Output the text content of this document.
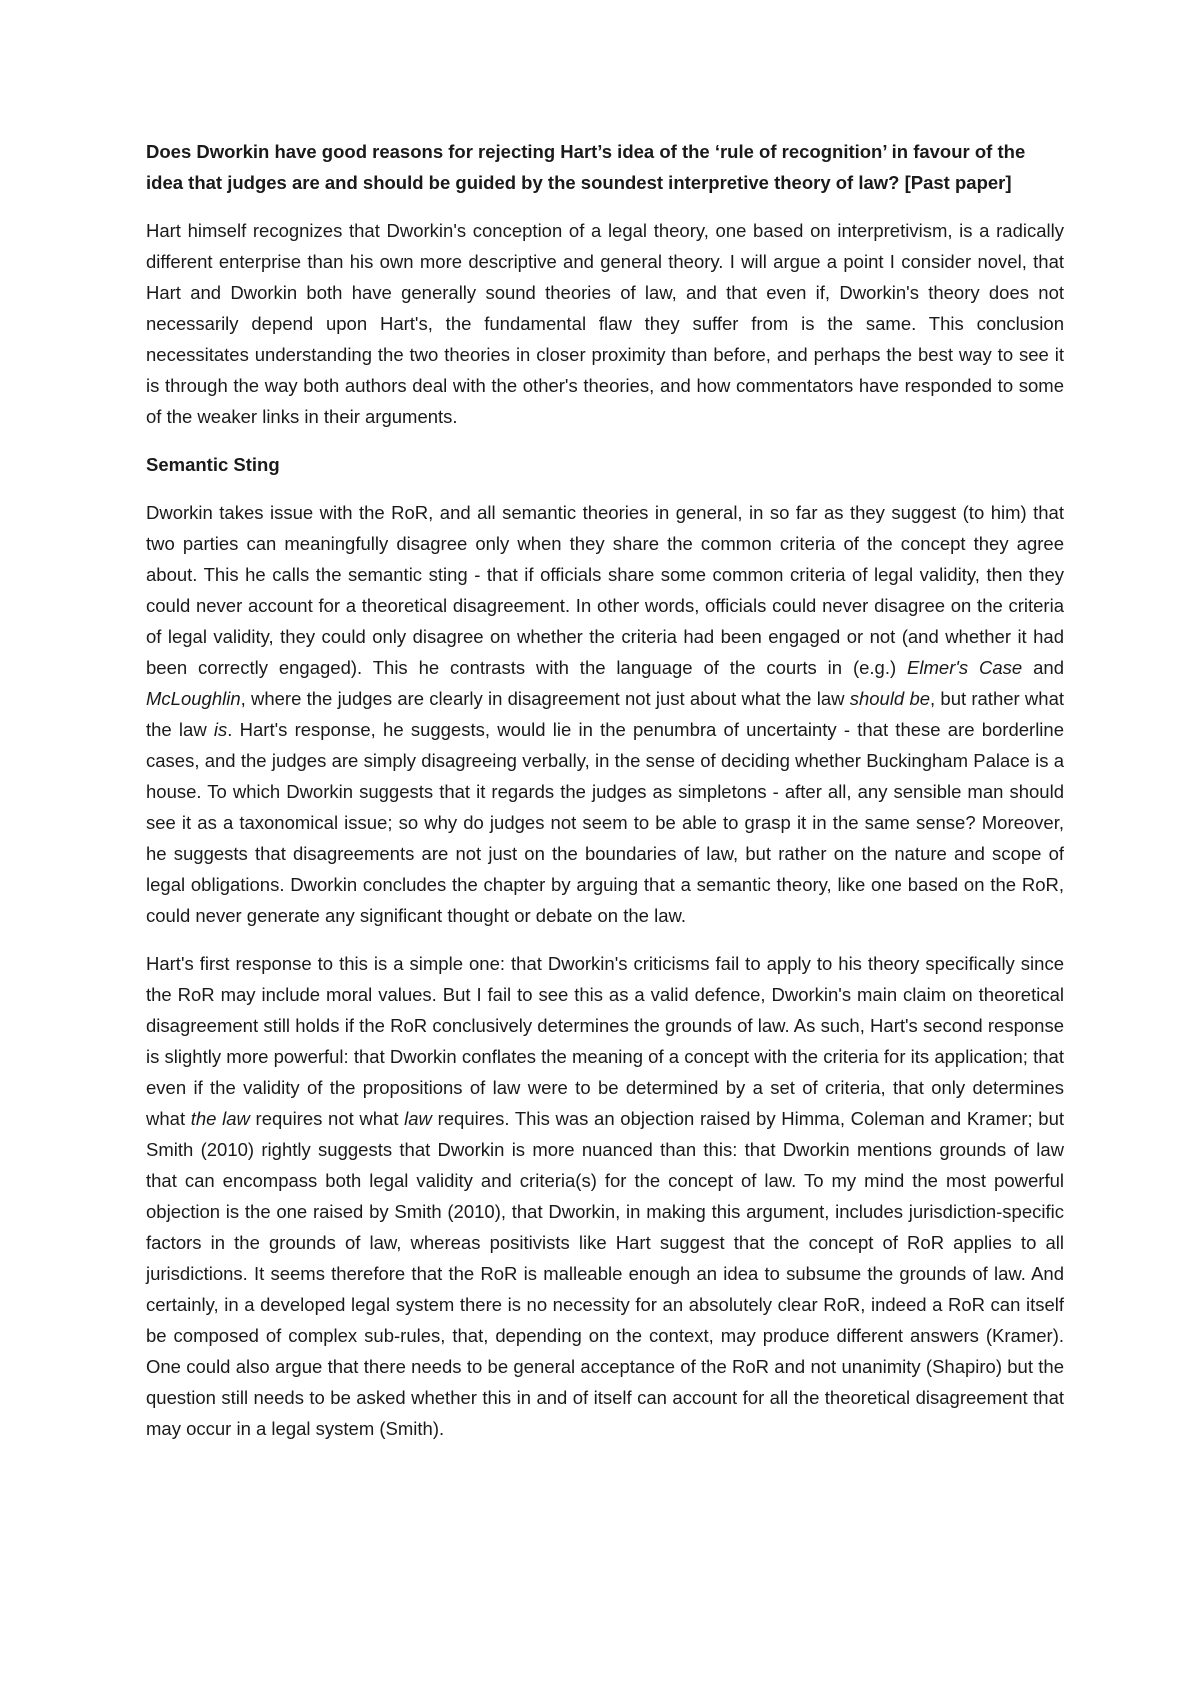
Does Dworkin have good reasons for rejecting Hart’s idea of the ‘rule of recognition’ in favour of the idea that judges are and should be guided by the soundest interpretive theory of law? [Past paper]

Hart himself recognizes that Dworkin's conception of a legal theory, one based on interpretivism, is a radically different enterprise than his own more descriptive and general theory. I will argue a point I consider novel, that Hart and Dworkin both have generally sound theories of law, and that even if, Dworkin's theory does not necessarily depend upon Hart's, the fundamental flaw they suffer from is the same. This conclusion necessitates understanding the two theories in closer proximity than before, and perhaps the best way to see it is through the way both authors deal with the other's theories, and how commentators have responded to some of the weaker links in their arguments.

Semantic Sting

Dworkin takes issue with the RoR, and all semantic theories in general, in so far as they suggest (to him) that two parties can meaningfully disagree only when they share the common criteria of the concept they agree about. This he calls the semantic sting - that if officials share some common criteria of legal validity, then they could never account for a theoretical disagreement. In other words, officials could never disagree on the criteria of legal validity, they could only disagree on whether the criteria had been engaged or not (and whether it had been correctly engaged). This he contrasts with the language of the courts in (e.g.) Elmer's Case and McLoughlin, where the judges are clearly in disagreement not just about what the law should be, but rather what the law is. Hart's response, he suggests, would lie in the penumbra of uncertainty - that these are borderline cases, and the judges are simply disagreeing verbally, in the sense of deciding whether Buckingham Palace is a house. To which Dworkin suggests that it regards the judges as simpletons - after all, any sensible man should see it as a taxonomical issue; so why do judges not seem to be able to grasp it in the same sense? Moreover, he suggests that disagreements are not just on the boundaries of law, but rather on the nature and scope of legal obligations. Dworkin concludes the chapter by arguing that a semantic theory, like one based on the RoR, could never generate any significant thought or debate on the law.

Hart's first response to this is a simple one: that Dworkin's criticisms fail to apply to his theory specifically since the RoR may include moral values. But I fail to see this as a valid defence, Dworkin's main claim on theoretical disagreement still holds if the RoR conclusively determines the grounds of law. As such, Hart's second response is slightly more powerful: that Dworkin conflates the meaning of a concept with the criteria for its application; that even if the validity of the propositions of law were to be determined by a set of criteria, that only determines what the law requires not what law requires. This was an objection raised by Himma, Coleman and Kramer; but Smith (2010) rightly suggests that Dworkin is more nuanced than this: that Dworkin mentions grounds of law that can encompass both legal validity and criteria(s) for the concept of law. To my mind the most powerful objection is the one raised by Smith (2010), that Dworkin, in making this argument, includes jurisdiction-specific factors in the grounds of law, whereas positivists like Hart suggest that the concept of RoR applies to all jurisdictions. It seems therefore that the RoR is malleable enough an idea to subsume the grounds of law. And certainly, in a developed legal system there is no necessity for an absolutely clear RoR, indeed a RoR can itself be composed of complex sub-rules, that, depending on the context, may produce different answers (Kramer). One could also argue that there needs to be general acceptance of the RoR and not unanimity (Shapiro) but the question still needs to be asked whether this in and of itself can account for all the theoretical disagreement that may occur in a legal system (Smith).
